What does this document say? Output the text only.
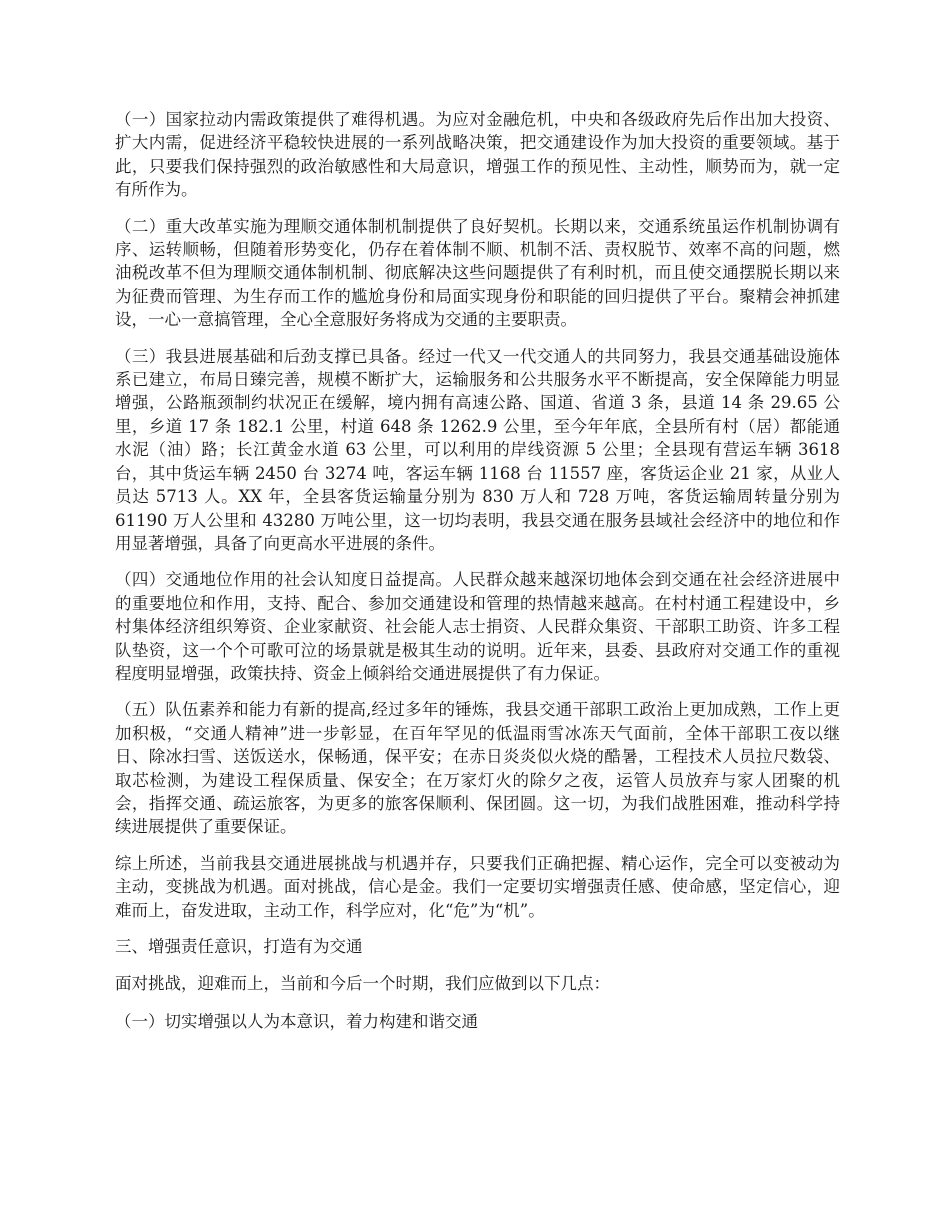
（一）国家拉动内需政策提供了难得机遇。为应对金融危机，中央和各级政府先后作出加大投资、扩大内需，促进经济平稳较快进展的一系列战略决策，把交通建设作为加大投资的重要领域。基于此，只要我们保持强烈的政治敏感性和大局意识，增强工作的预见性、主动性，顺势而为，就一定有所作为。

（二）重大改革实施为理顺交通体制机制提供了良好契机。长期以来，交通系统虽运作机制协调有序、运转顺畅，但随着形势变化，仍存在着体制不顺、机制不活、责权脱节、效率不高的问题，燃油税改革不但为理顺交通体制机制、彻底解决这些问题提供了有利时机，而且使交通摆脱长期以来为征费而管理、为生存而工作的尴尬身份和局面实现身份和职能的回归提供了平台。聚精会神抓建设，一心一意搞管理，全心全意服好务将成为交通的主要职责。

（三）我县进展基础和后劲支撑已具备。经过一代又一代交通人的共同努力，我县交通基础设施体系已建立，布局日臻完善，规模不断扩大，运输服务和公共服务水平不断提高，安全保障能力明显增强，公路瓶颈制约状况正在缓解，境内拥有高速公路、国道、省道 3 条，县道 14 条 29.65 公里，乡道 17 条 182.1 公里，村道 648 条 1262.9 公里，至今年年底，全县所有村（居）都能通水泥（油）路；长江黄金水道 63 公里，可以利用的岸线资源 5 公里；全县现有营运车辆 3618 台，其中货运车辆 2450 台 3274 吨，客运车辆 1168 台 11557 座，客货运企业 21 家，从业人员达 5713 人。XX 年，全县客货运输量分别为 830 万人和 728 万吨，客货运输周转量分别为 61190 万人公里和 43280 万吨公里，这一切均表明，我县交通在服务县域社会经济中的地位和作用显著增强，具备了向更高水平进展的条件。

（四）交通地位作用的社会认知度日益提高。人民群众越来越深切地体会到交通在社会经济进展中的重要地位和作用，支持、配合、参加交通建设和管理的热情越来越高。在村村通工程建设中，乡村集体经济组织筹资、企业家献资、社会能人志士捐资、人民群众集资、干部职工助资、许多工程队垫资，这一个个可歌可泣的场景就是极其生动的说明。近年来，县委、县政府对交通工作的重视程度明显增强，政策扶持、资金上倾斜给交通进展提供了有力保证。

（五）队伍素养和能力有新的提高,经过多年的锤炼，我县交通干部职工政治上更加成熟，工作上更加积极，“交通人精神”进一步彰显，在百年罕见的低温雨雪冰冻天气面前，全体干部职工夜以继日、除冰扫雪、送饭送水，保畅通，保平安；在赤日炎炎似火烧的酷暑，工程技术人员拉尺数袋、取芯检测，为建设工程保质量、保安全；在万家灯火的除夕之夜，运管人员放弃与家人团聚的机会，指挥交通、疏运旅客，为更多的旅客保顺利、保团圆。这一切，为我们战胜困难，推动科学持续进展提供了重要保证。

综上所述，当前我县交通进展挑战与机遇并存，只要我们正确把握、精心运作，完全可以变被动为主动，变挑战为机遇。面对挑战，信心是金。我们一定要切实增强责任感、使命感，坚定信心，迎难而上，奋发进取，主动工作，科学应对，化“危”为“机”。

三、增强责任意识，打造有为交通

面对挑战，迎难而上，当前和今后一个时期，我们应做到以下几点：

（一）切实增强以人为本意识，着力构建和谐交通
